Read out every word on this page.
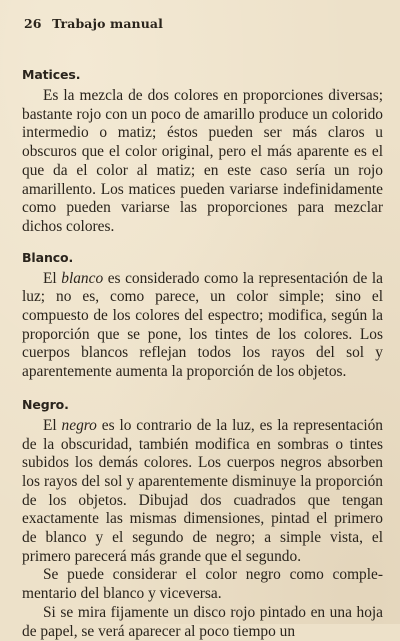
26 Trabajo manual
Matices.

Es la mezcla de dos colores en proporciones diversas; bastante rojo con un poco de amarillo produce un colorido intermedio o matiz; éstos pueden ser más claros u obscuros que el color original, pero el más aparente es el que da el color al matiz; en este caso sería un rojo amarillento. Los matices pueden variarse indefinidamente como pueden variarse las proporciones para mezclar dichos colores.

Blanco.

El blanco es considerado como la representación de la luz; no es, como parece, un color simple; sino el compuesto de los colores del espectro; modifica, según la proporción que se pone, los tintes de los colores. Los cuerpos blancos reflejan todos los rayos del sol y aparentemente aumenta la proporción de los objetos.

Negro.

El negro es lo contrario de la luz, es la representación de la obscuridad, también modifica en sombras o tintes subidos los demás colores. Los cuerpos negros absorben los rayos del sol y aparentemente disminuye la proporción de los objetos. Dibujad dos cuadrados que tengan exactamente las mismas dimensiones, pintad el primero de blanco y el segundo de negro; a simple vista, el primero parecerá más grande que el segundo.

Se puede considerar el color negro como complementario del blanco y viceversa.

Si se mira fijamente un disco rojo pintado en una hoja de papel, se verá aparecer al poco tiempo un
